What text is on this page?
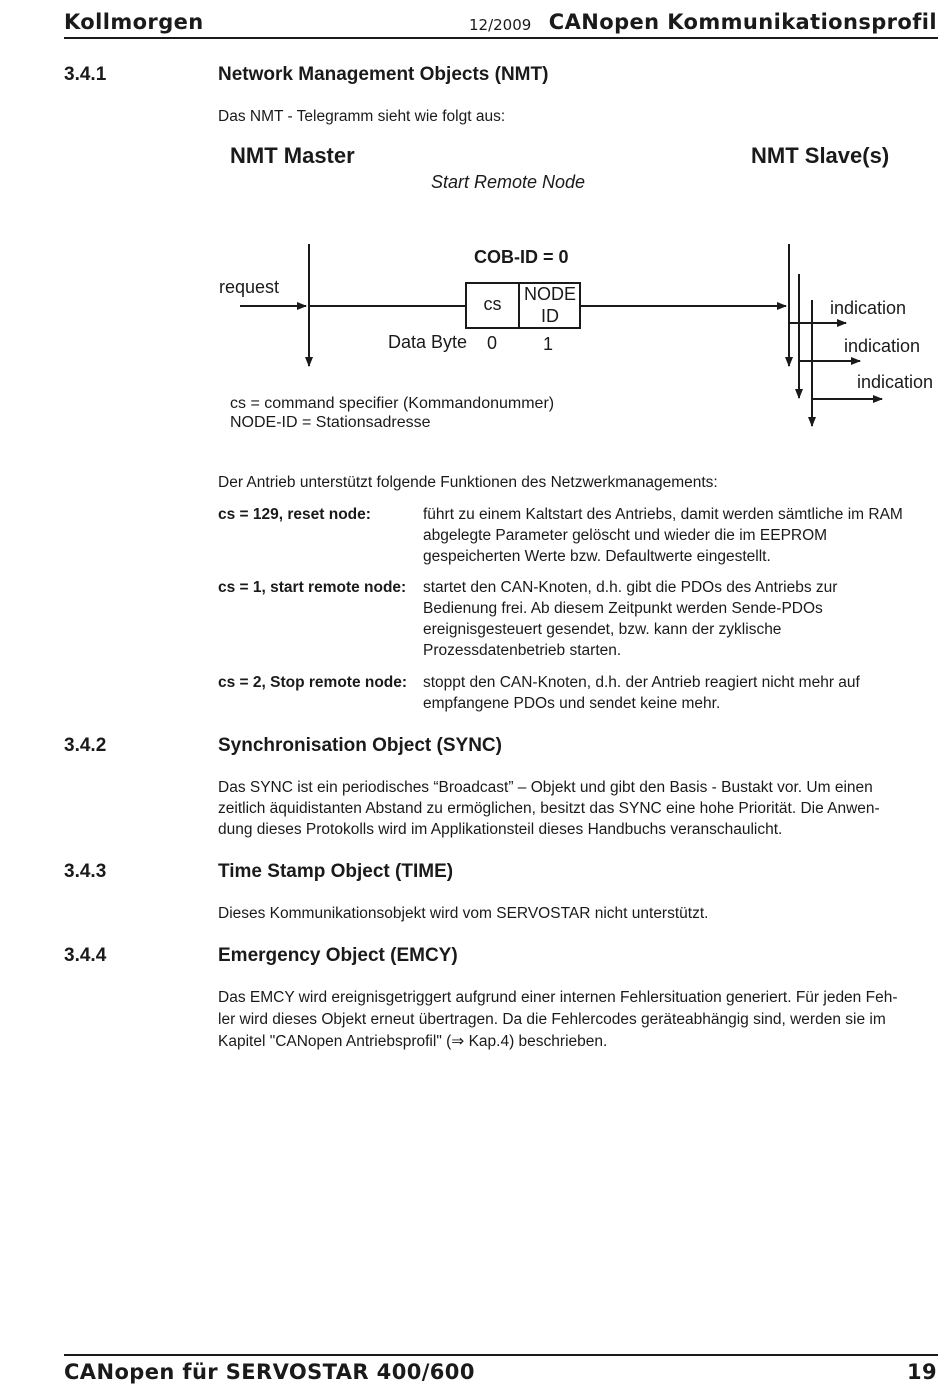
Kollmorgen	12/2009 CANopen Kommunikationsprofil
3.4.1	Network Management Objects (NMT)
Das NMT - Telegramm sieht wie folgt aus:
NMT Master	NMT Slave(s)
Start Remote Node
COB-ID = 0
request
cs	NODE
ID
Data Byte 0	1
indication
indication
indication
cs = command specifier (Kommandonummer)
NODE-ID = Stationsadresse
Der Antrieb unterstützt folgende Funktionen des Netzwerkmanagements:
cs = 129, reset node:	führt zu einem Kaltstart des Antriebs, damit werden sämtliche im RAM
abgelegte Parameter gelöscht und wieder die im EEPROM
gespeicherten Werte bzw. Defaultwerte eingestellt.
cs = 1, start remote node: startet den CAN-Knoten, d.h. gibt die PDOs des Antriebs zur
Bedienung frei. Ab diesem Zeitpunkt werden Sende-PDOs
ereignisgesteuert gesendet, bzw. kann der zyklische
Prozessdatenbetrieb starten.
cs = 2, Stop remote node: stoppt den CAN-Knoten, d.h. der Antrieb reagiert nicht mehr auf
empfangene PDOs und sendet keine mehr.
3.4.2	Synchronisation Object (SYNC)
Das SYNC ist ein periodisches “Broadcast” – Objekt und gibt den Basis - Bustakt vor. Um einen
zeitlich äquidistanten Abstand zu ermöglichen, besitzt das SYNC eine hohe Priorität. Die Anwen-
dung dieses Protokolls wird im Applikationsteil dieses Handbuchs veranschaulicht.
3.4.3	Time Stamp Object (TIME)
Dieses Kommunikationsobjekt wird vom SERVOSTAR nicht unterstützt.
3.4.4	Emergency Object (EMCY)
Das EMCY wird ereignisgetriggert aufgrund einer internen Fehlersituation generiert. Für jeden Feh-
ler wird dieses Objekt erneut übertragen. Da die Fehlercodes geräteabhängig sind, werden sie im
Kapitel "CANopen Antriebsprofil" (⇒ Kap.4) beschrieben.
CANopen für SERVOSTAR 400/600	19
